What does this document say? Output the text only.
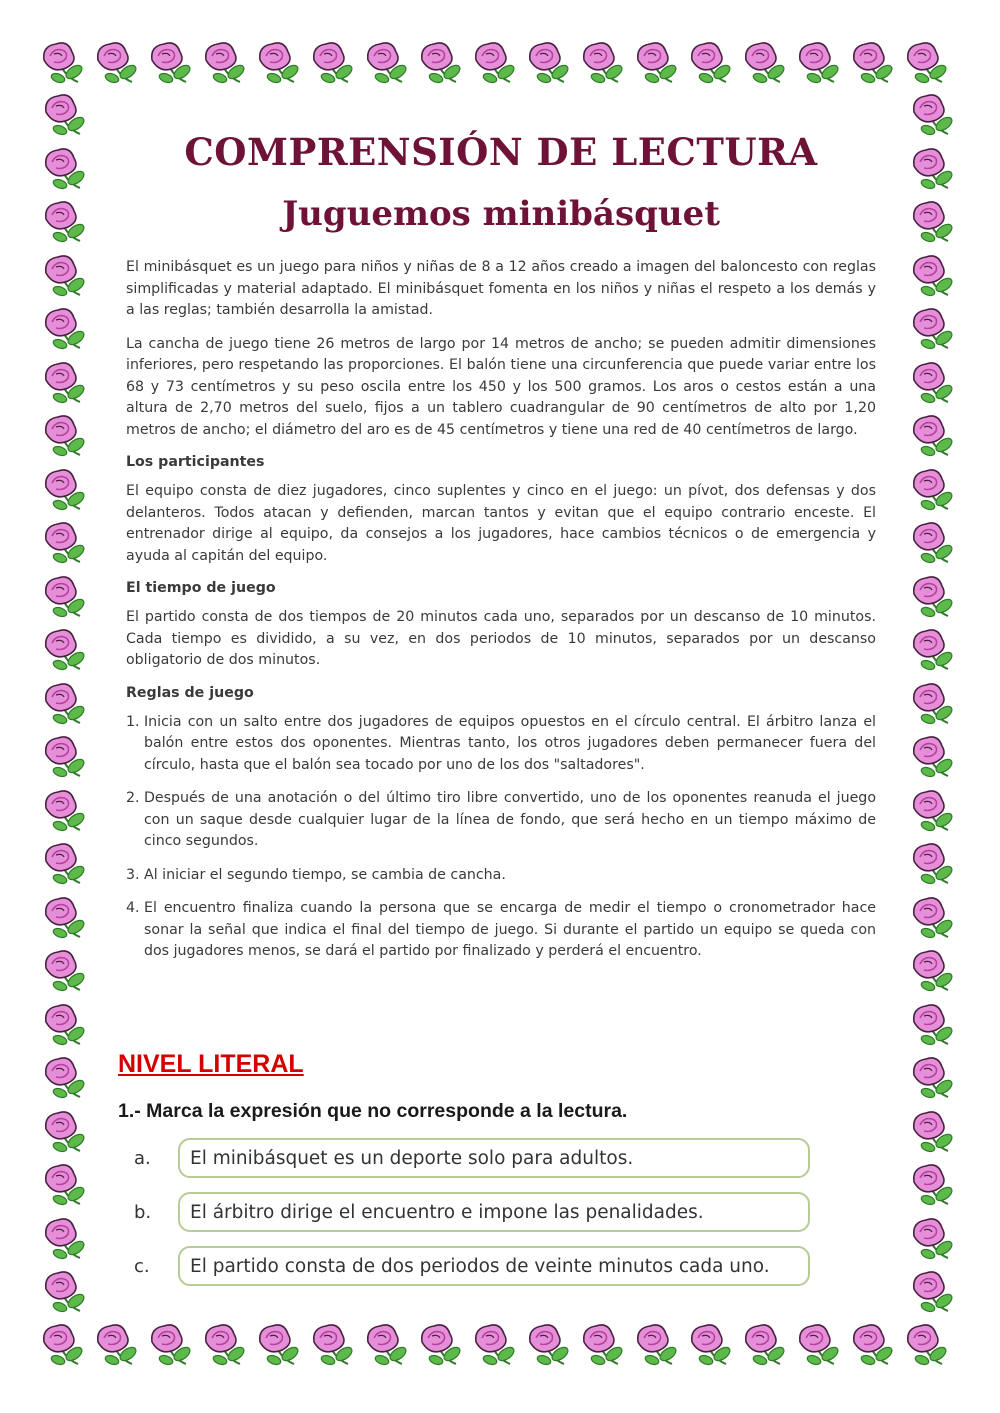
COMPRENSIÓN DE LECTURA
Juguemos minibásquet

El minibásquet es un juego para niños y niñas de 8 a 12 años creado a imagen del baloncesto con reglas simplificadas y material adaptado. El minibásquet fomenta en los niños y niñas el respeto a los demás y a las reglas; también desarrolla la amistad.

La cancha de juego tiene 26 metros de largo por 14 metros de ancho; se pueden admitir dimensiones inferiores, pero respetando las proporciones. El balón tiene una circunferencia que puede variar entre los 68 y 73 centímetros y su peso oscila entre los 450 y los 500 gramos. Los aros o cestos están a una altura de 2,70 metros del suelo, fijos a un tablero cuadrangular de 90 centímetros de alto por 1,20 metros de ancho; el diámetro del aro es de 45 centímetros y tiene una red de 40 centímetros de largo.

Los participantes

El equipo consta de diez jugadores, cinco suplentes y cinco en el juego: un pívot, dos defensas y dos delanteros. Todos atacan y defienden, marcan tantos y evitan que el equipo contrario enceste. El entrenador dirige al equipo, da consejos a los jugadores, hace cambios técnicos o de emergencia y ayuda al capitán del equipo.

El tiempo de juego

El partido consta de dos tiempos de 20 minutos cada uno, separados por un descanso de 10 minutos. Cada tiempo es dividido, a su vez, en dos periodos de 10 minutos, separados por un descanso obligatorio de dos minutos.

Reglas de juego
1. Inicia con un salto entre dos jugadores de equipos opuestos en el círculo central. El árbitro lanza el balón entre estos dos oponentes. Mientras tanto, los otros jugadores deben permanecer fuera del círculo, hasta que el balón sea tocado por uno de los dos "saltadores".
2. Después de una anotación o del último tiro libre convertido, uno de los oponentes reanuda el juego con un saque desde cualquier lugar de la línea de fondo, que será hecho en un tiempo máximo de cinco segundos.
3. Al iniciar el segundo tiempo, se cambia de cancha.
4. El encuentro finaliza cuando la persona que se encarga de medir el tiempo o cronometrador hace sonar la señal que indica el final del tiempo de juego. Si durante el partido un equipo se queda con dos jugadores menos, se dará el partido por finalizado y perderá el encuentro.
NIVEL LITERAL

1.- Marca la expresión que no corresponde a la lectura.

a.	El minibásquet es un deporte solo para adultos.
b.	El árbitro dirige el encuentro e impone las penalidades.
c.	El partido consta de dos periodos de veinte minutos cada uno.
